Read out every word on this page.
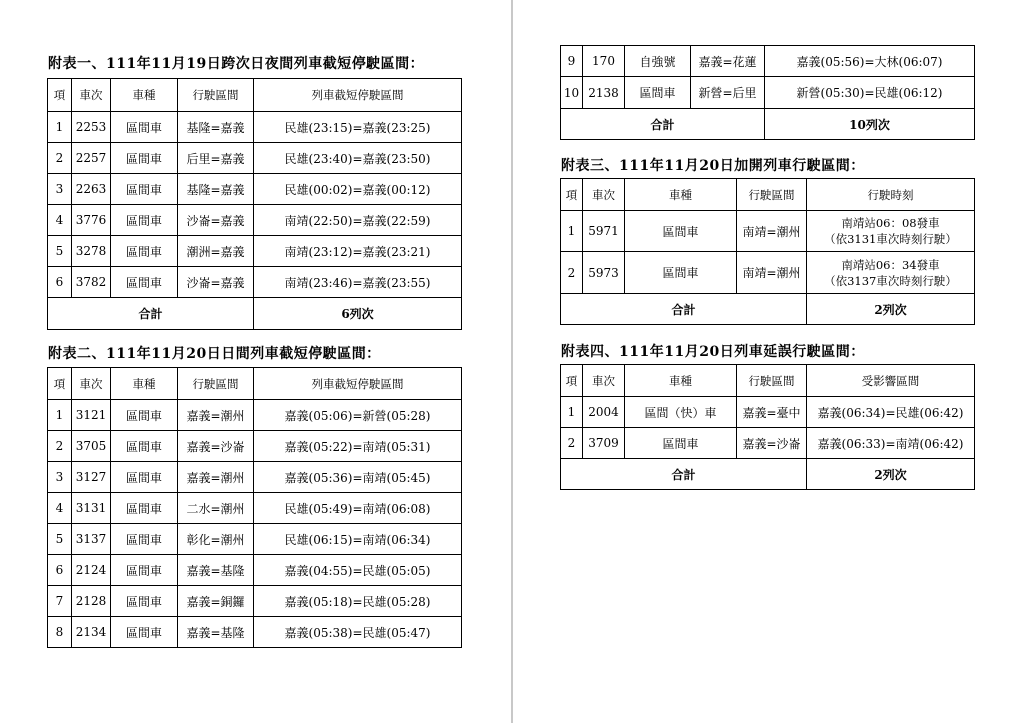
附表一、111年11月19日跨次日夜間列車截短停駛區間：
項	車次	車種	行駛區間	列車截短停駛區間
1	2253	區間車	基隆=嘉義	民雄(23:15)=嘉義(23:25)
2	2257	區間車	后里=嘉義	民雄(23:40)=嘉義(23:50)
3	2263	區間車	基隆=嘉義	民雄(00:02)=嘉義(00:12)
4	3776	區間車	沙崙=嘉義	南靖(22:50)=嘉義(22:59)
5	3278	區間車	潮洲=嘉義	南靖(23:12)=嘉義(23:21)
6	3782	區間車	沙崙=嘉義	南靖(23:46)=嘉義(23:55)
合計				6列次
附表二、111年11月20日日間列車截短停駛區間：
項	車次	車種	行駛區間	列車截短停駛區間
1	3121	區間車	嘉義=潮州	嘉義(05:06)=新營(05:28)
2	3705	區間車	嘉義=沙崙	嘉義(05:22)=南靖(05:31)
3	3127	區間車	嘉義=潮州	嘉義(05:36)=南靖(05:45)
4	3131	區間車	二水=潮州	民雄(05:49)=南靖(06:08)
5	3137	區間車	彰化=潮州	民雄(06:15)=南靖(06:34)
6	2124	區間車	嘉義=基隆	嘉義(04:55)=民雄(05:05)
7	2128	區間車	嘉義=銅鑼	嘉義(05:18)=民雄(05:28)
8	2134	區間車	嘉義=基隆	嘉義(05:38)=民雄(05:47)
9	170	自強號	嘉義=花蓮	嘉義(05:56)=大林(06:07)
10	2138	區間車	新營=后里	新營(05:30)=民雄(06:12)
合計				10列次
附表三、111年11月20日加開列車行駛區間：
項	車次	車種	行駛區間	行駛時刻
1	5971	區間車	南靖=潮州	南靖站06：08發車
（依3131車次時刻行駛）
2	5973	區間車	南靖=潮州	南靖站06：34發車
（依3137車次時刻行駛）
合計				2列次
附表四、111年11月20日列車延誤行駛區間：
項	車次	車種	行駛區間	受影響區間
1	2004	區間（快）車	嘉義=臺中	嘉義(06:34)=民雄(06:42)
2	3709	區間車	嘉義=沙崙	嘉義(06:33)=南靖(06:42)
合計				2列次
